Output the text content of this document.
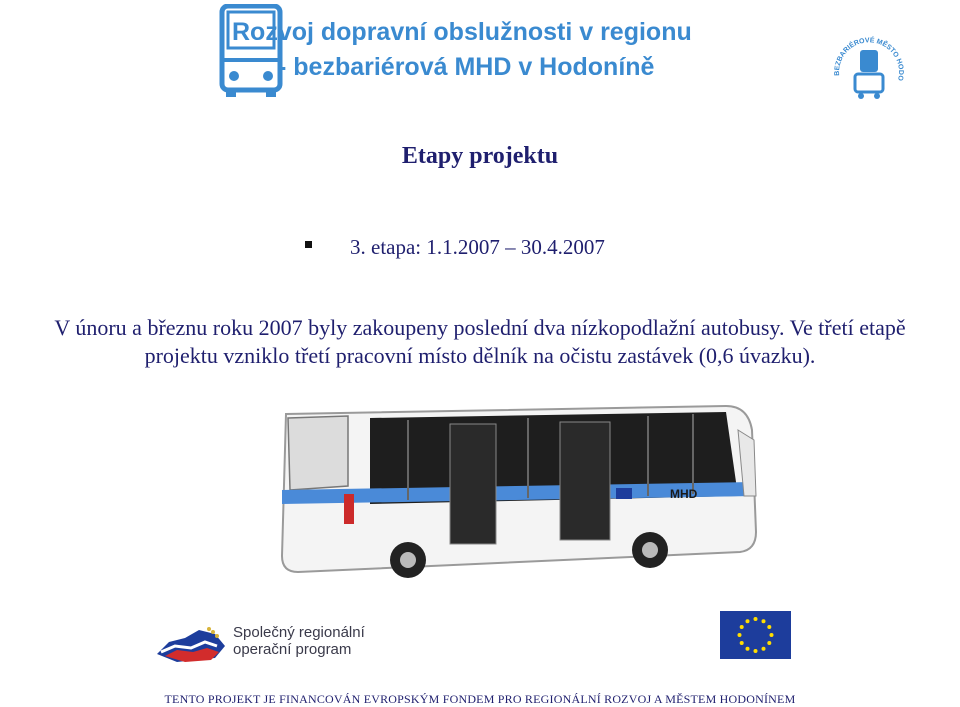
Rozvoj dopravní obslužnosti v regionu
- bezbariérová MHD v Hodoníně	BEZBARIÉROVÉ MĚSTO HODO
Etapy projektu
3. etapa: 1.1.2007 – 30.4.2007
V únoru a březnu roku 2007 byly zakoupeny poslední dva nízkopodlažní autobusy. Ve třetí etapě
projektu vzniklo třetí pracovní místo dělník na očistu zastávek (0,6 úvazku).
MHD
Společný regionální
operační program
TENTO PROJEKT JE FINANCOVÁN EVROPSKÝM FONDEM PRO REGIONÁLNÍ ROZVOJ A MĚSTEM HODONÍNEM
